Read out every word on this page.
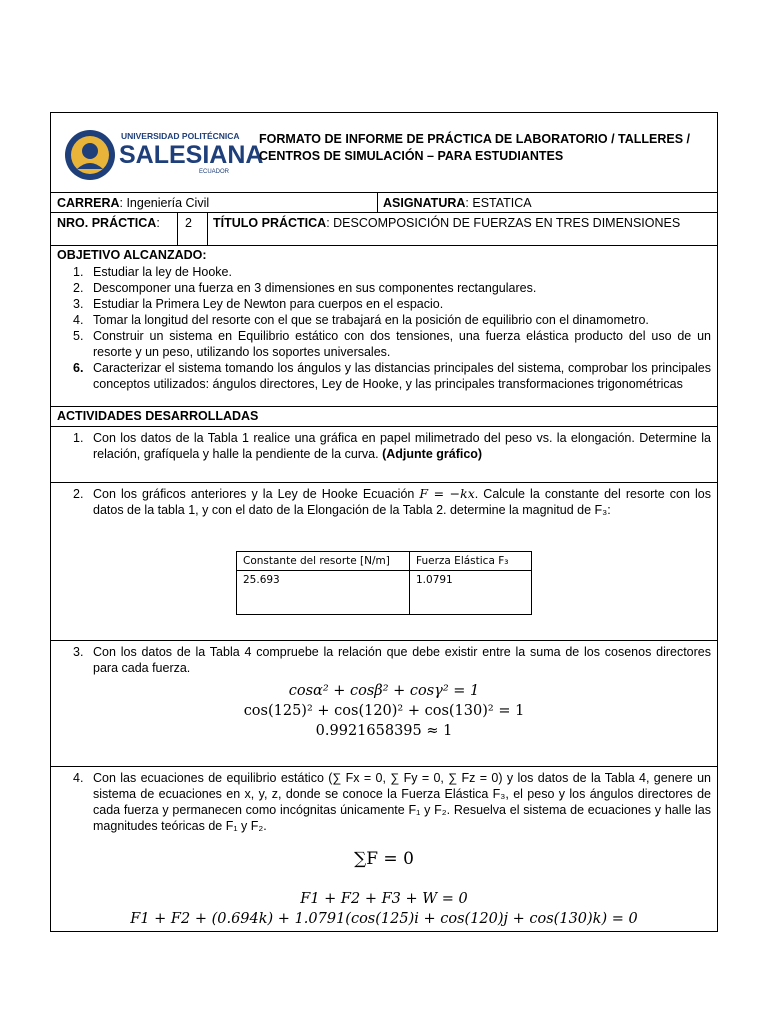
UNIVERSIDAD POLITÉCNICA
SALESIANA
ECUADOR
FORMATO DE INFORME DE PRÁCTICA DE LABORATORIO / TALLERES / CENTROS DE SIMULACIÓN – PARA ESTUDIANTES
CARRERA: Ingeniería Civil	ASIGNATURA: ESTATICA
NRO. PRÁCTICA:	2	TÍTULO PRÁCTICA: DESCOMPOSICIÓN DE FUERZAS EN TRES DIMENSIONES
OBJETIVO ALCANZADO:
1. Estudiar la ley de Hooke.
2. Descomponer una fuerza en 3 dimensiones en sus componentes rectangulares.
3. Estudiar la Primera Ley de Newton para cuerpos en el espacio.
4. Tomar la longitud del resorte con el que se trabajará en la posición de equilibrio con el dinamometro.
5. Construir un sistema en Equilibrio estático con dos tensiones, una fuerza elástica producto del uso de un resorte y un peso, utilizando los soportes universales.
6. Caracterizar el sistema tomando los ángulos y las distancias principales del sistema, comprobar los principales conceptos utilizados: ángulos directores, Ley de Hooke, y las principales transformaciones trigonométricas
ACTIVIDADES DESARROLLADAS
1. Con los datos de la Tabla 1 realice una gráfica en papel milimetrado del peso vs. la elongación. Determine la relación, grafíquela y halle la pendiente de la curva. (Adjunte gráfico)
2. Con los gráficos anteriores y la Ley de Hooke Ecuación F = −kx. Calcule la constante del resorte con los datos de la tabla 1, y con el dato de la Elongación de la Tabla 2. determine la magnitud de F₃:
Constante del resorte [N/m]	Fuerza Elástica F₃
25.693	1.0791
3. Con los datos de la Tabla 4 compruebe la relación que debe existir entre la suma de los cosenos directores para cada fuerza.
cosα² + cosβ² + cosγ² = 1
cos(125)² + cos(120)² + cos(130)² = 1
0.9921658395 ≈ 1
4. Con las ecuaciones de equilibrio estático (∑ Fx = 0, ∑ Fy = 0, ∑ Fz = 0) y los datos de la Tabla 4, genere un sistema de ecuaciones en x, y, z, donde se conoce la Fuerza Elástica F₃, el peso y los ángulos directores de cada fuerza y permanecen como incógnitas únicamente F₁ y F₂. Resuelva el sistema de ecuaciones y halle las magnitudes teóricas de F₁ y F₂.
∑F = 0
F1 + F2 + F3 + W = 0
F1 + F2 + (0.694k) + 1.0791(cos(125)i + cos(120)j + cos(130)k) = 0
